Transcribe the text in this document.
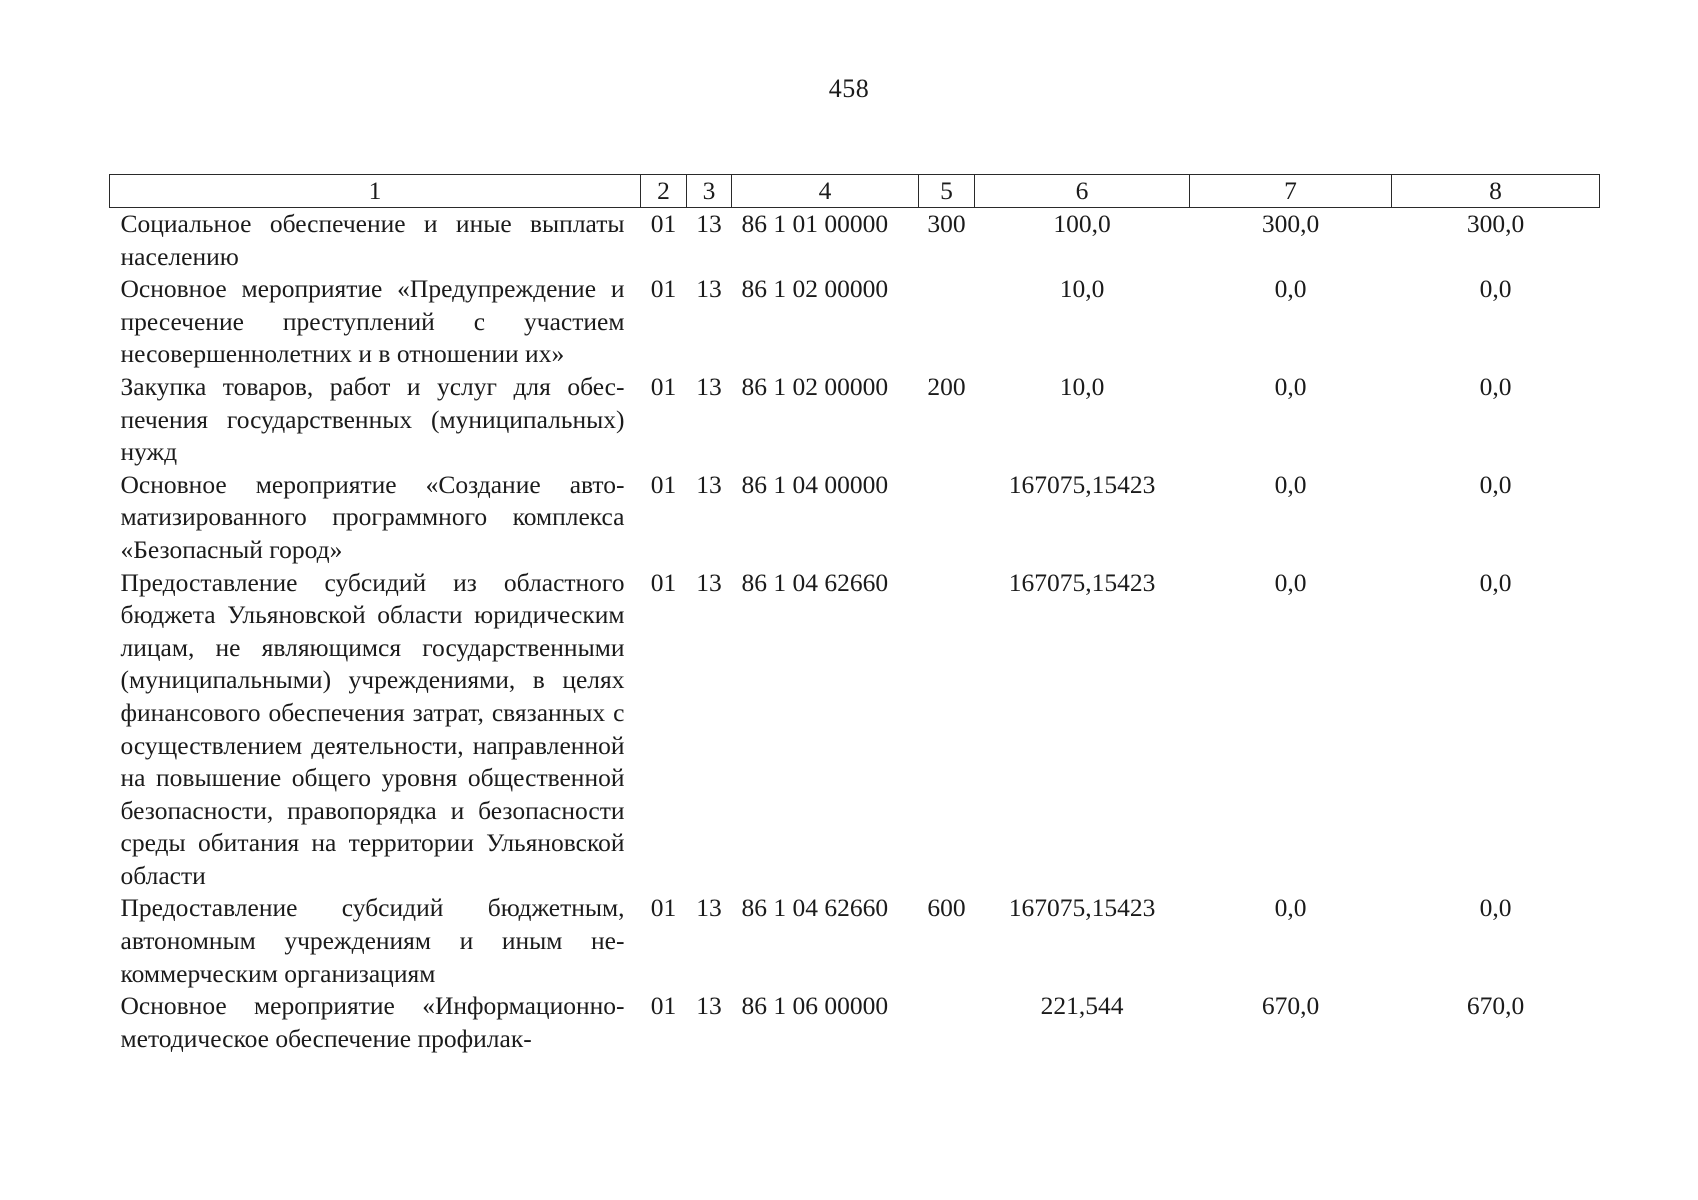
458
1	2	3	4	5	6	7	8
Социальное обеспечение и иные выплаты населению	01	13	86 1 01 00000	300	100,0	300,0	300,0
Основное мероприятие «Предупреждение и пресечение преступлений с участием несовершеннолетних и в отношении их»	01	13	86 1 02 00000		10,0	0,0	0,0
Закупка товаров, работ и услуг для обеспечения государственных (муниципальных) нужд	01	13	86 1 02 00000	200	10,0	0,0	0,0
Основное мероприятие «Создание автоматизированного программного комплекса «Безопасный город»	01	13	86 1 04 00000		167075,15423	0,0	0,0
Предоставление субсидий из областного бюджета Ульяновской области юридическим лицам, не являющимся государственными (муниципальными) учреждениями, в целях финансового обеспечения затрат, связанных с осуществлением деятельности, направленной на повышение общего уровня общественной безопасности, правопорядка и безопасности среды обитания на территории Ульяновской области	01	13	86 1 04 62660		167075,15423	0,0	0,0
Предоставление субсидий бюджетным, автономным учреждениям и иным некоммерческим организациям	01	13	86 1 04 62660	600	167075,15423	0,0	0,0
Основное мероприятие «Информационно-методическое обеспечение профилак-	01	13	86 1 06 00000		221,544	670,0	670,0
